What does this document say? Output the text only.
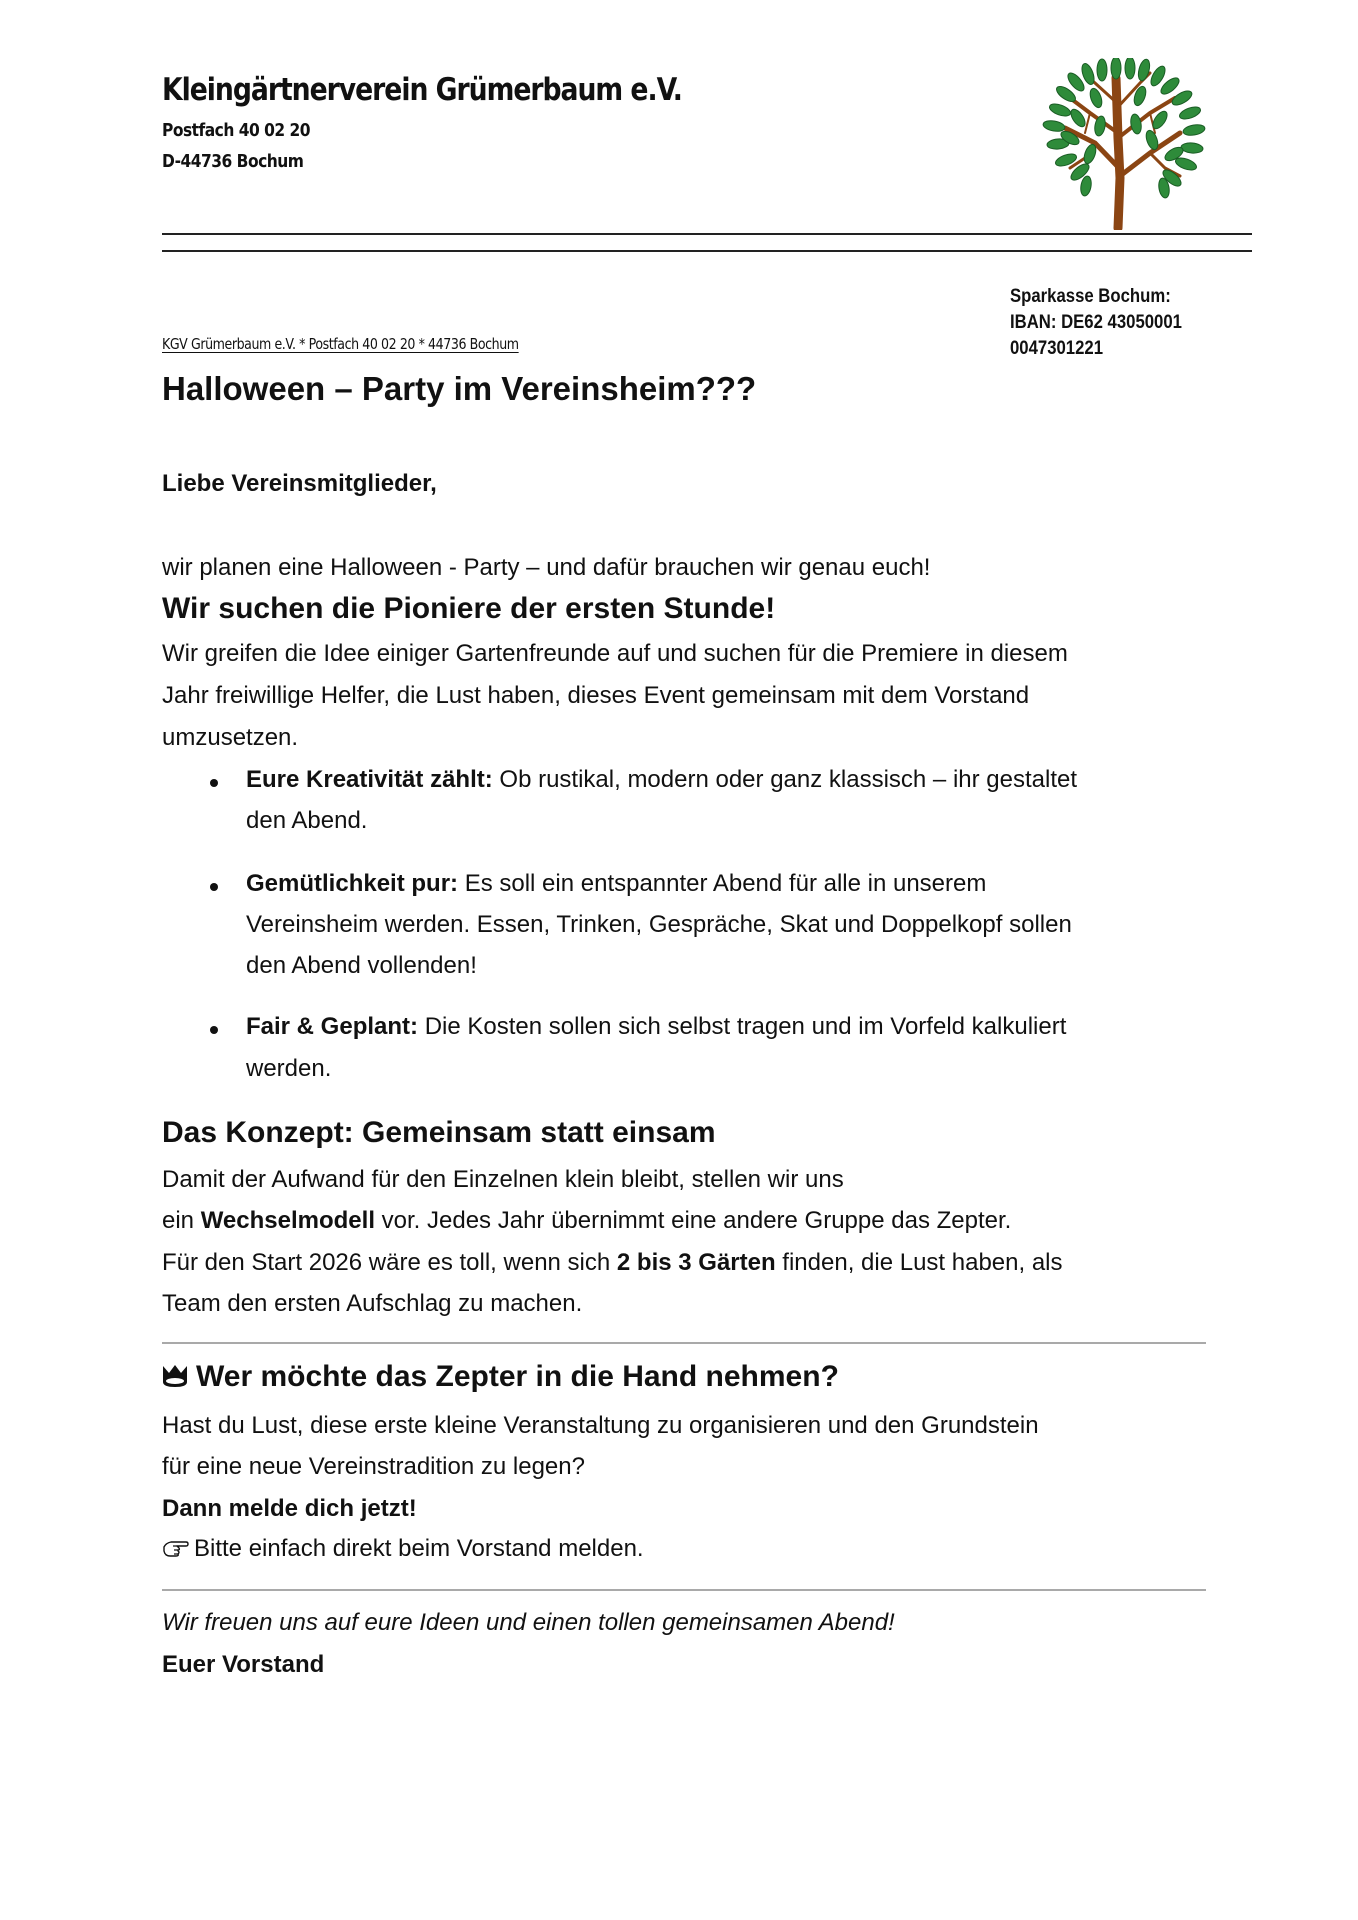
Kleingärtnerverein Grümerbaum e.V.
Postfach 40 02 20
D-44736 Bochum
Sparkasse Bochum:
IBAN: DE62 43050001
0047301221
KGV Grümerbaum e.V. * Postfach 40 02 20 * 44736 Bochum
Halloween – Party im Vereinsheim???
Liebe Vereinsmitglieder,
wir planen eine Halloween - Party – und dafür brauchen wir genau euch!
Wir suchen die Pioniere der ersten Stunde!
Wir greifen die Idee einiger Gartenfreunde auf und suchen für die Premiere in diesem
Jahr freiwillige Helfer, die Lust haben, dieses Event gemeinsam mit dem Vorstand
umzusetzen.
Eure Kreativität zählt: Ob rustikal, modern oder ganz klassisch – ihr gestaltet
den Abend.
Gemütlichkeit pur: Es soll ein entspannter Abend für alle in unserem
Vereinsheim werden. Essen, Trinken, Gespräche, Skat und Doppelkopf sollen
den Abend vollenden!
Fair & Geplant: Die Kosten sollen sich selbst tragen und im Vorfeld kalkuliert
werden.
Das Konzept: Gemeinsam statt einsam
Damit der Aufwand für den Einzelnen klein bleibt, stellen wir uns
ein Wechselmodell vor. Jedes Jahr übernimmt eine andere Gruppe das Zepter.
Für den Start 2026 wäre es toll, wenn sich 2 bis 3 Gärten finden, die Lust haben, als
Team den ersten Aufschlag zu machen.
Wer möchte das Zepter in die Hand nehmen?
Hast du Lust, diese erste kleine Veranstaltung zu organisieren und den Grundstein
für eine neue Vereinstradition zu legen?
Dann melde dich jetzt!
Bitte einfach direkt beim Vorstand melden.
Wir freuen uns auf eure Ideen und einen tollen gemeinsamen Abend!
Euer Vorstand
